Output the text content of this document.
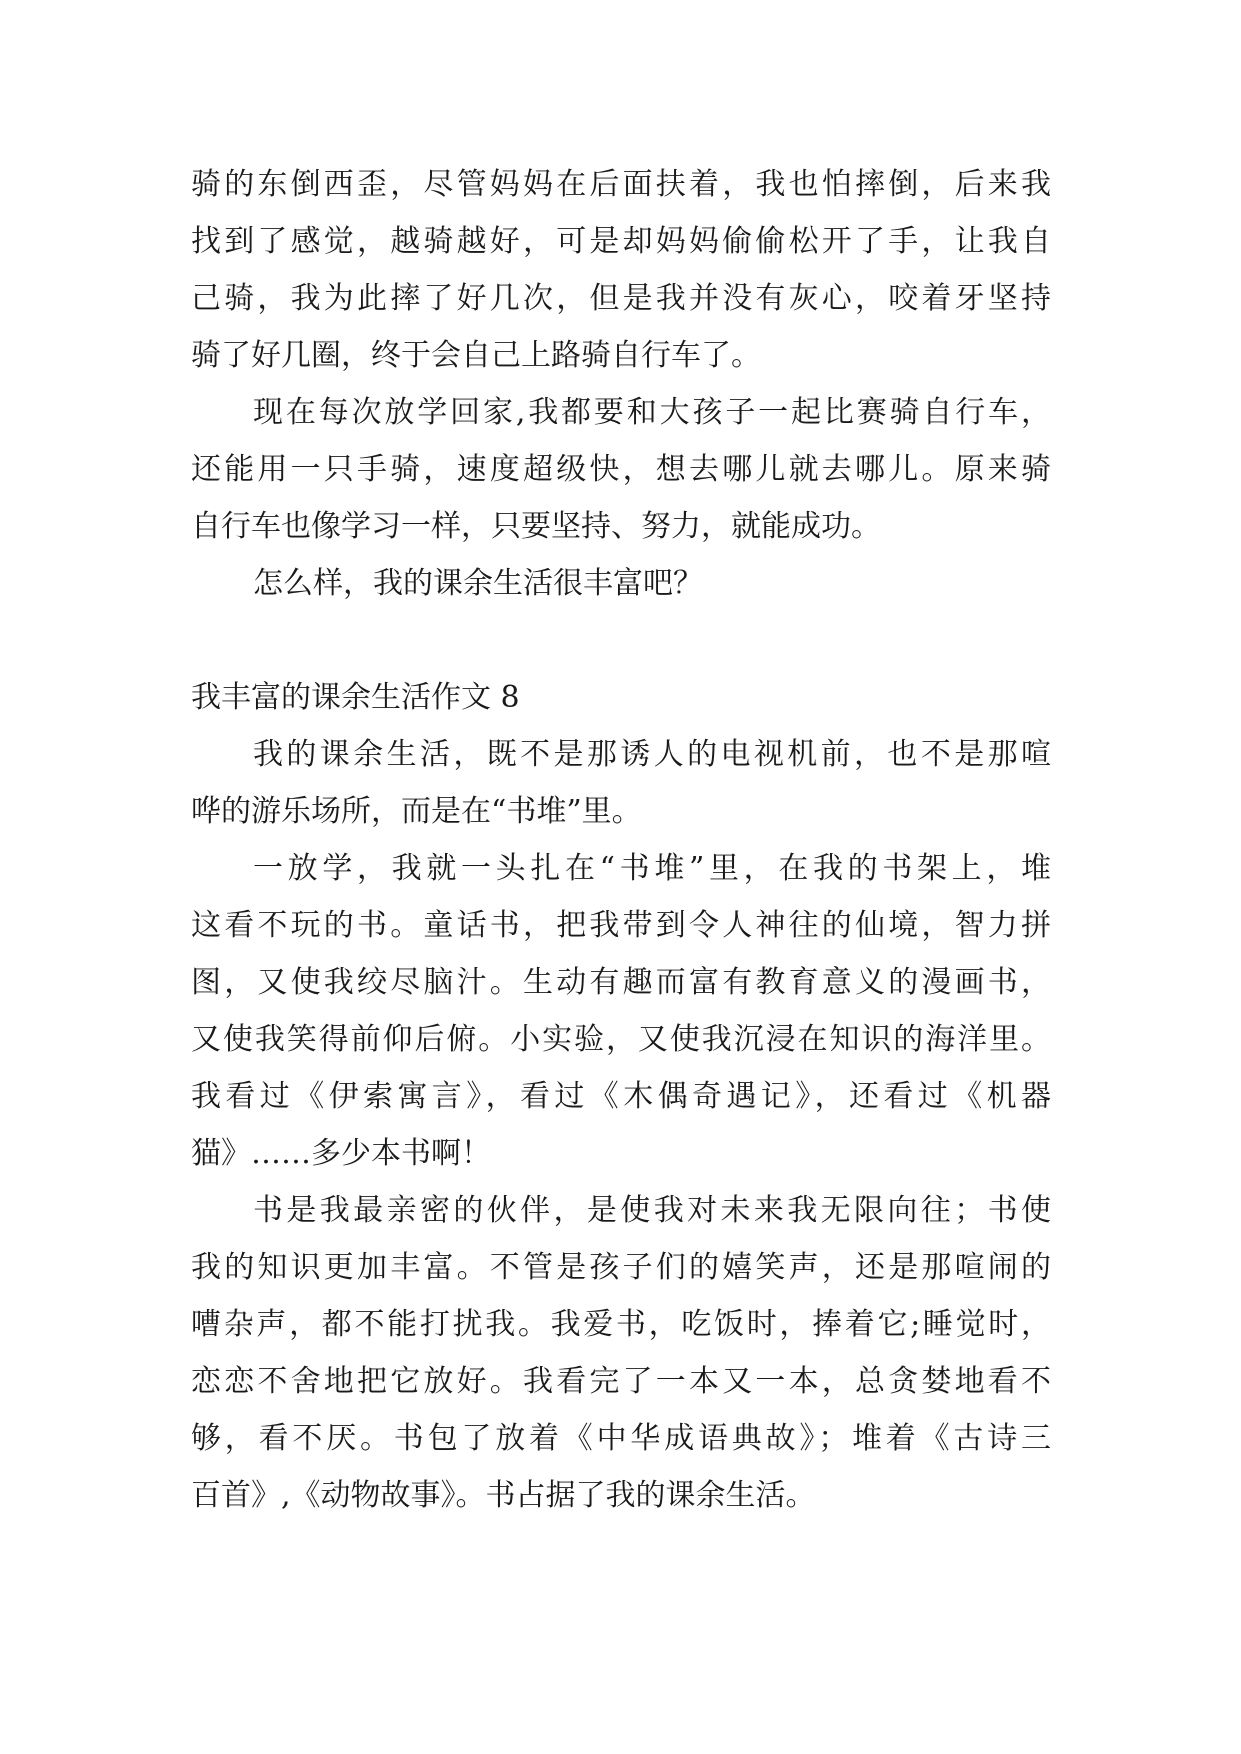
骑的东倒西歪，尽管妈妈在后面扶着，我也怕摔倒，后来我
找到了感觉，越骑越好，可是却妈妈偷偷松开了手，让我自
己骑，我为此摔了好几次，但是我并没有灰心，咬着牙坚持
骑了好几圈，终于会自己上路骑自行车了。
现在每次放学回家,我都要和大孩子一起比赛骑自行车，
还能用一只手骑，速度超级快，想去哪儿就去哪儿。原来骑
自行车也像学习一样，只要坚持、努力，就能成功。
怎么样，我的课余生活很丰富吧？
我丰富的课余生活作文 8
我的课余生活，既不是那诱人的电视机前，也不是那喧
哗的游乐场所，而是在“书堆”里。
一放学，我就一头扎在“书堆”里，在我的书架上，堆
这看不玩的书。童话书，把我带到令人神往的仙境，智力拼
图，又使我绞尽脑汁。生动有趣而富有教育意义的漫画书，
又使我笑得前仰后俯。小实验，又使我沉浸在知识的海洋里。
我看过《伊索寓言》，看过《木偶奇遇记》，还看过《机器
猫》……多少本书啊！
书是我最亲密的伙伴，是使我对未来我无限向往；书使
我的知识更加丰富。不管是孩子们的嬉笑声，还是那喧闹的
嘈杂声，都不能打扰我。我爱书，吃饭时，捧着它;睡觉时，
恋恋不舍地把它放好。我看完了一本又一本，总贪婪地看不
够，看不厌。书包了放着《中华成语典故》；堆着《古诗三
百首》,《动物故事》。书占据了我的课余生活。
